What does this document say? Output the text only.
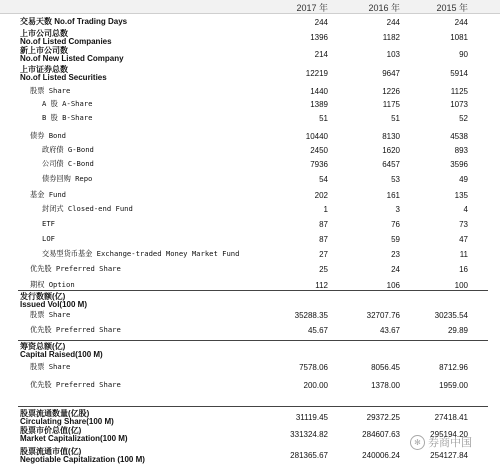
2017 年	2016 年	2015 年
交易天数 No.of Trading Days	244	244	244
上市公司总数
No.of Listed Companies	1396	1182	1081
新上市公司数
No.of New Listed Company	214	103	90
上市证券总数
No.of Listed Securities	12219	9647	5914
股票 Share	1440	1226	1125
A 股 A-Share	1389	1175	1073
B 股 B-Share	51	51	52
债券 Bond	10440	8130	4538
政府债 G-Bond	2450	1620	893
公司债 C-Bond	7936	6457	3596
债券回购 Repo	54	53	49
基金 Fund	202	161	135
封闭式 Closed-end Fund	1	3	4
ETF	87	76	73
LOF	87	59	47
交易型货币基金 Exchange-traded Money Market Fund	27	23	11
优先股 Preferred Share	25	24	16
期权 Option	112	106	100
发行数额(亿)
Issued Vol(100 M)
股票 Share	35288.35	32707.76	30235.54
优先股 Preferred Share	45.67	43.67	29.89
筹资总额(亿)
Capital Raised(100 M)
股票 Share	7578.06	8056.45	8712.96
优先股 Preferred Share	200.00	1378.00	1959.00
股票流通数量(亿股)
Circulating Share(100 M)	31119.45	29372.25	27418.41
股票市价总值(亿)
Market Capitalization(100 M)	331324.82	284607.63	295194.20
股票流通市值(亿)
Negotiable Capitalization (100 M)	281365.67	240006.24	254127.84
✻ 券商中国
